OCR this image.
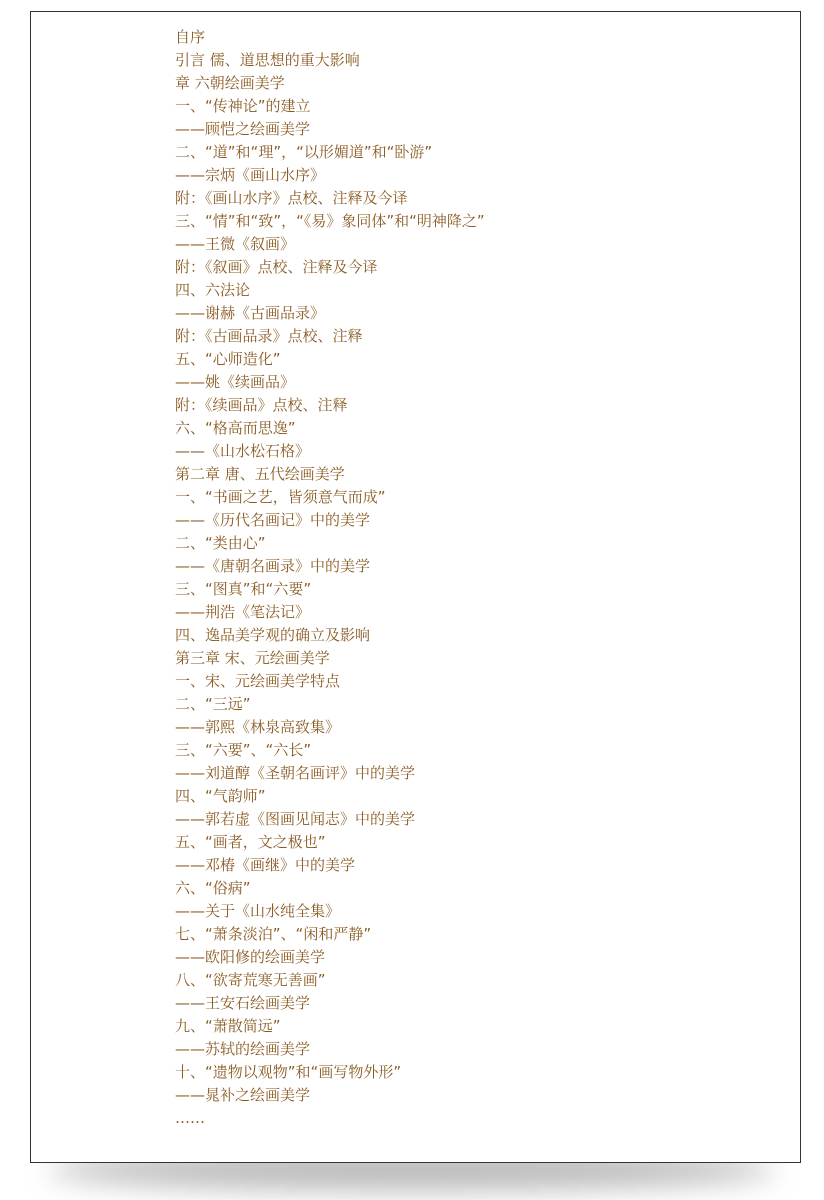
自序
引言 儒、道思想的重大影响
章 六朝绘画美学
一、“传神论”的建立
——顾恺之绘画美学
二、“道”和“理”，“以形媚道”和“卧游”
——宗炳《画山水序》
附：《画山水序》点校、注释及今译
三、“情”和“致”，“《易》象同体”和“明神降之”
——王微《叙画》
附：《叙画》点校、注释及今译
四、六法论
——谢赫《古画品录》
附：《古画品录》点校、注释
五、“心师造化”
——姚《续画品》
附：《续画品》点校、注释
六、“格高而思逸”
——《山水松石格》
第二章 唐、五代绘画美学
一、“书画之艺，皆须意气而成”
——《历代名画记》中的美学
二、“类由心”
——《唐朝名画录》中的美学
三、“图真”和“六要”
——荆浩《笔法记》
四、逸品美学观的确立及影响
第三章 宋、元绘画美学
一、宋、元绘画美学特点
二、“三远”
——郭熙《林泉高致集》
三、“六要”、“六长”
——刘道醇《圣朝名画评》中的美学
四、“气韵师”
——郭若虚《图画见闻志》中的美学
五、“画者，文之极也”
——邓椿《画继》中的美学
六、“俗病”
——关于《山水纯全集》
七、“萧条淡泊”、“闲和严静”
——欧阳修的绘画美学
八、“欲寄荒寒无善画”
——王安石绘画美学
九、“萧散简远”
——苏轼的绘画美学
十、“遗物以观物”和“画写物外形”
——晁补之绘画美学
……
